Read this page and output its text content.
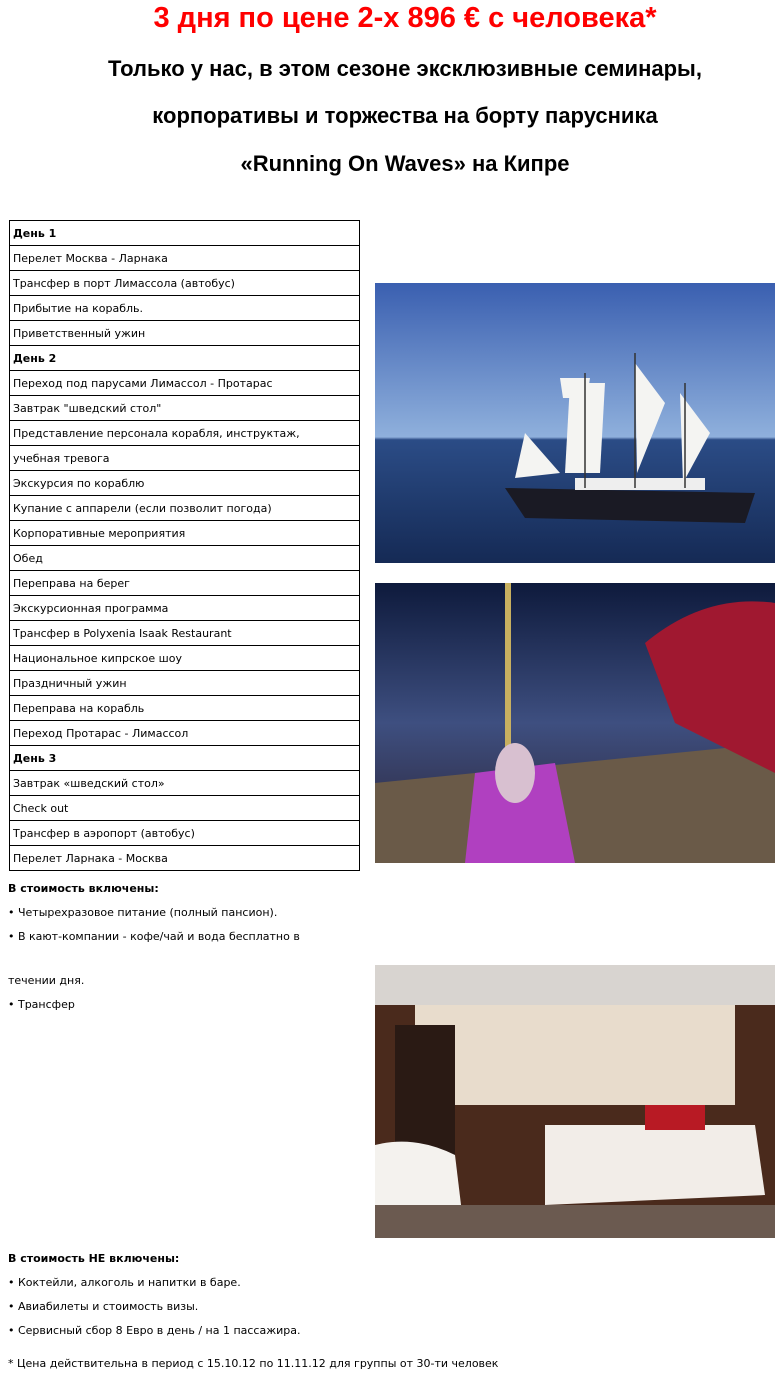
3 дня по цене 2-х 896 € с человека*
Только у нас, в этом сезоне эксклюзивные семинары,
корпоративы и торжества на борту парусника
«Running On Waves» на Кипре
День 1
Перелет Москва - Ларнака
Трансфер в порт Лимассола (автобус)
Прибытие на корабль.
Приветственный ужин
День 2
Переход под парусами Лимассол - Протарас
Завтрак "шведский стол"
Представление персонала корабля, инструктаж,
учебная тревога
Экскурсия по кораблю
Купание с аппарели (если позволит погода)
Корпоративные мероприятия
Обед
Переправа на берег
Экскурсионная программа
Трансфер в Polyxenia Isaak Restaurant
Национальное кипрское шоу
Праздничный ужин
Переправа на корабль
Переход Протарас - Лимассол
День 3
Завтрак «шведский стол»
Check out
Трансфер в аэропорт (автобус)
Перелет Ларнака - Москва
В стоимость включены:
• Четырехразовое питание (полный пансион).
• В кают-компании - кофе/чай и вода бесплатно в
течении дня.
• Трансфер
В стоимость НЕ включены:
• Коктейли, алкоголь и напитки в баре.
• Авиабилеты и стоимость визы.
• Сервисный сбор 8 Евро в день / на 1 пассажира.
* Цена действительна в период с 15.10.12 по 11.11.12 для группы от 30-ти человек
